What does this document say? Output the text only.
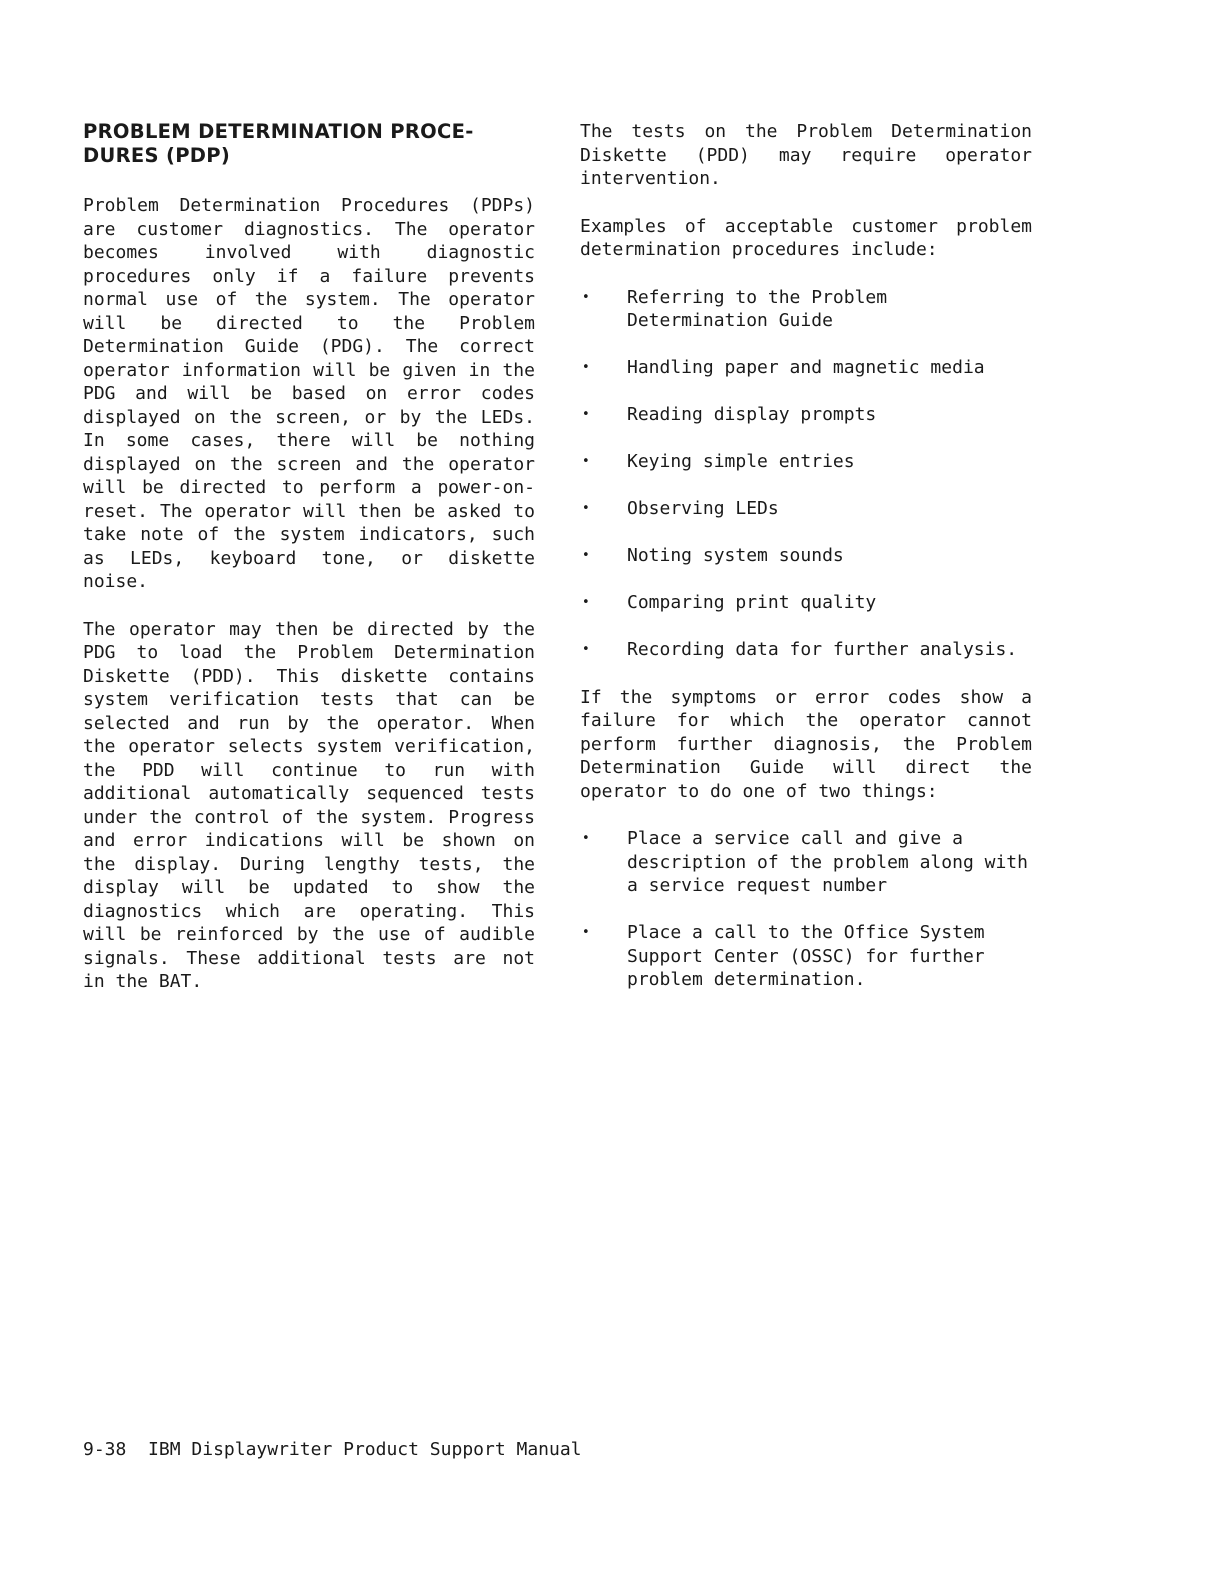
PROBLEM DETERMINATION PROCE-
DURES (PDP)

Problem Determination Procedures (PDPs) are customer diagnostics. The operator becomes involved with diagnostic procedures only if a failure prevents normal use of the system. The operator will be directed to the Problem Determination Guide (PDG). The correct operator information will be given in the PDG and will be based on error codes displayed on the screen, or by the LEDs. In some cases, there will be nothing displayed on the screen and the operator will be directed to perform a power-on-reset. The operator will then be asked to take note of the system indicators, such as LEDs, keyboard tone, or diskette noise.

The operator may then be directed by the PDG to load the Problem Determination Diskette (PDD). This diskette contains system verification tests that can be selected and run by the operator. When the operator selects system verification, the PDD will continue to run with additional automatically sequenced tests under the control of the system. Progress and error indications will be shown on the display. During lengthy tests, the display will be updated to show the diagnostics which are operating. This will be reinforced by the use of audible signals. These additional tests are not in the BAT.

The tests on the Problem Determination Diskette (PDD) may require operator intervention.

Examples of acceptable customer problem determination procedures include:

• Referring to the Problem Determination Guide
• Handling paper and magnetic media
• Reading display prompts
• Keying simple entries
• Observing LEDs
• Noting system sounds
• Comparing print quality
• Recording data for further analysis.

If the symptoms or error codes show a failure for which the operator cannot perform further diagnosis, the Problem Determination Guide will direct the operator to do one of two things:

• Place a service call and give a description of the problem along with a service request number
• Place a call to the Office System Support Center (OSSC) for further problem determination.
9-38 IBM Displaywriter Product Support Manual
